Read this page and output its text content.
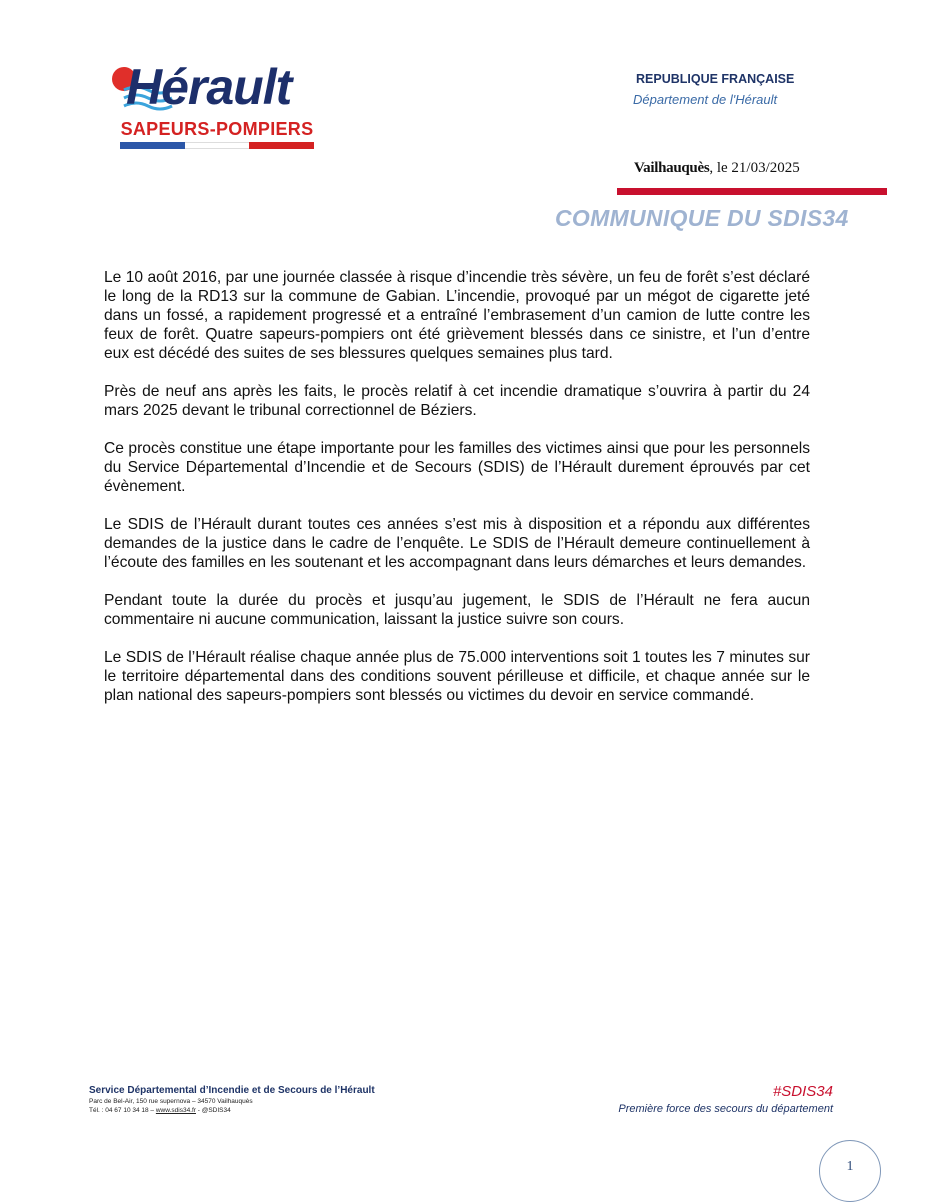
Hérault
SAPEURS-POMPIERS
REPUBLIQUE FRANÇAISE
Département de l'Hérault
Vailhauquès, le 21/03/2025
COMMUNIQUE DU SDIS34

Le 10 août 2016, par une journée classée à risque d’incendie très sévère, un feu de forêt s’est déclaré le long de la RD13 sur la commune de Gabian. L’incendie, provoqué par un mégot de cigarette jeté dans un fossé, a rapidement progressé et a entraîné l’embrasement d’un camion de lutte contre les feux de forêt. Quatre sapeurs-pompiers ont été grièvement blessés dans ce sinistre, et l’un d’entre eux est décédé des suites de ses blessures quelques semaines plus tard.

Près de neuf ans après les faits, le procès relatif à cet incendie dramatique s’ouvrira à partir du 24 mars 2025 devant le tribunal correctionnel de Béziers.

Ce procès constitue une étape importante pour les familles des victimes ainsi que pour les personnels du Service Départemental d’Incendie et de Secours (SDIS) de l’Hérault durement éprouvés par cet évènement.

Le SDIS de l’Hérault durant toutes ces années s’est mis à disposition et a répondu aux différentes demandes de la justice dans le cadre de l’enquête. Le SDIS de l’Hérault demeure continuellement à l’écoute des familles en les soutenant et les accompagnant dans leurs démarches et leurs demandes.

Pendant toute la durée du procès et jusqu’au jugement, le SDIS de l’Hérault ne fera aucun commentaire ni aucune communication, laissant la justice suivre son cours.

Le SDIS de l’Hérault réalise chaque année plus de 75.000 interventions soit 1 toutes les 7 minutes sur le territoire départemental dans des conditions souvent périlleuse et difficile, et chaque année sur le plan national des sapeurs-pompiers sont blessés ou victimes du devoir en service commandé.

Service Départemental d’Incendie et de Secours de l’Hérault
Parc de Bel-Air, 150 rue supernova – 34570 Vailhauquès
Tél. : 04 67 10 34 18 – www.sdis34.fr - @SDIS34
#SDIS34
Première force des secours du département
1
